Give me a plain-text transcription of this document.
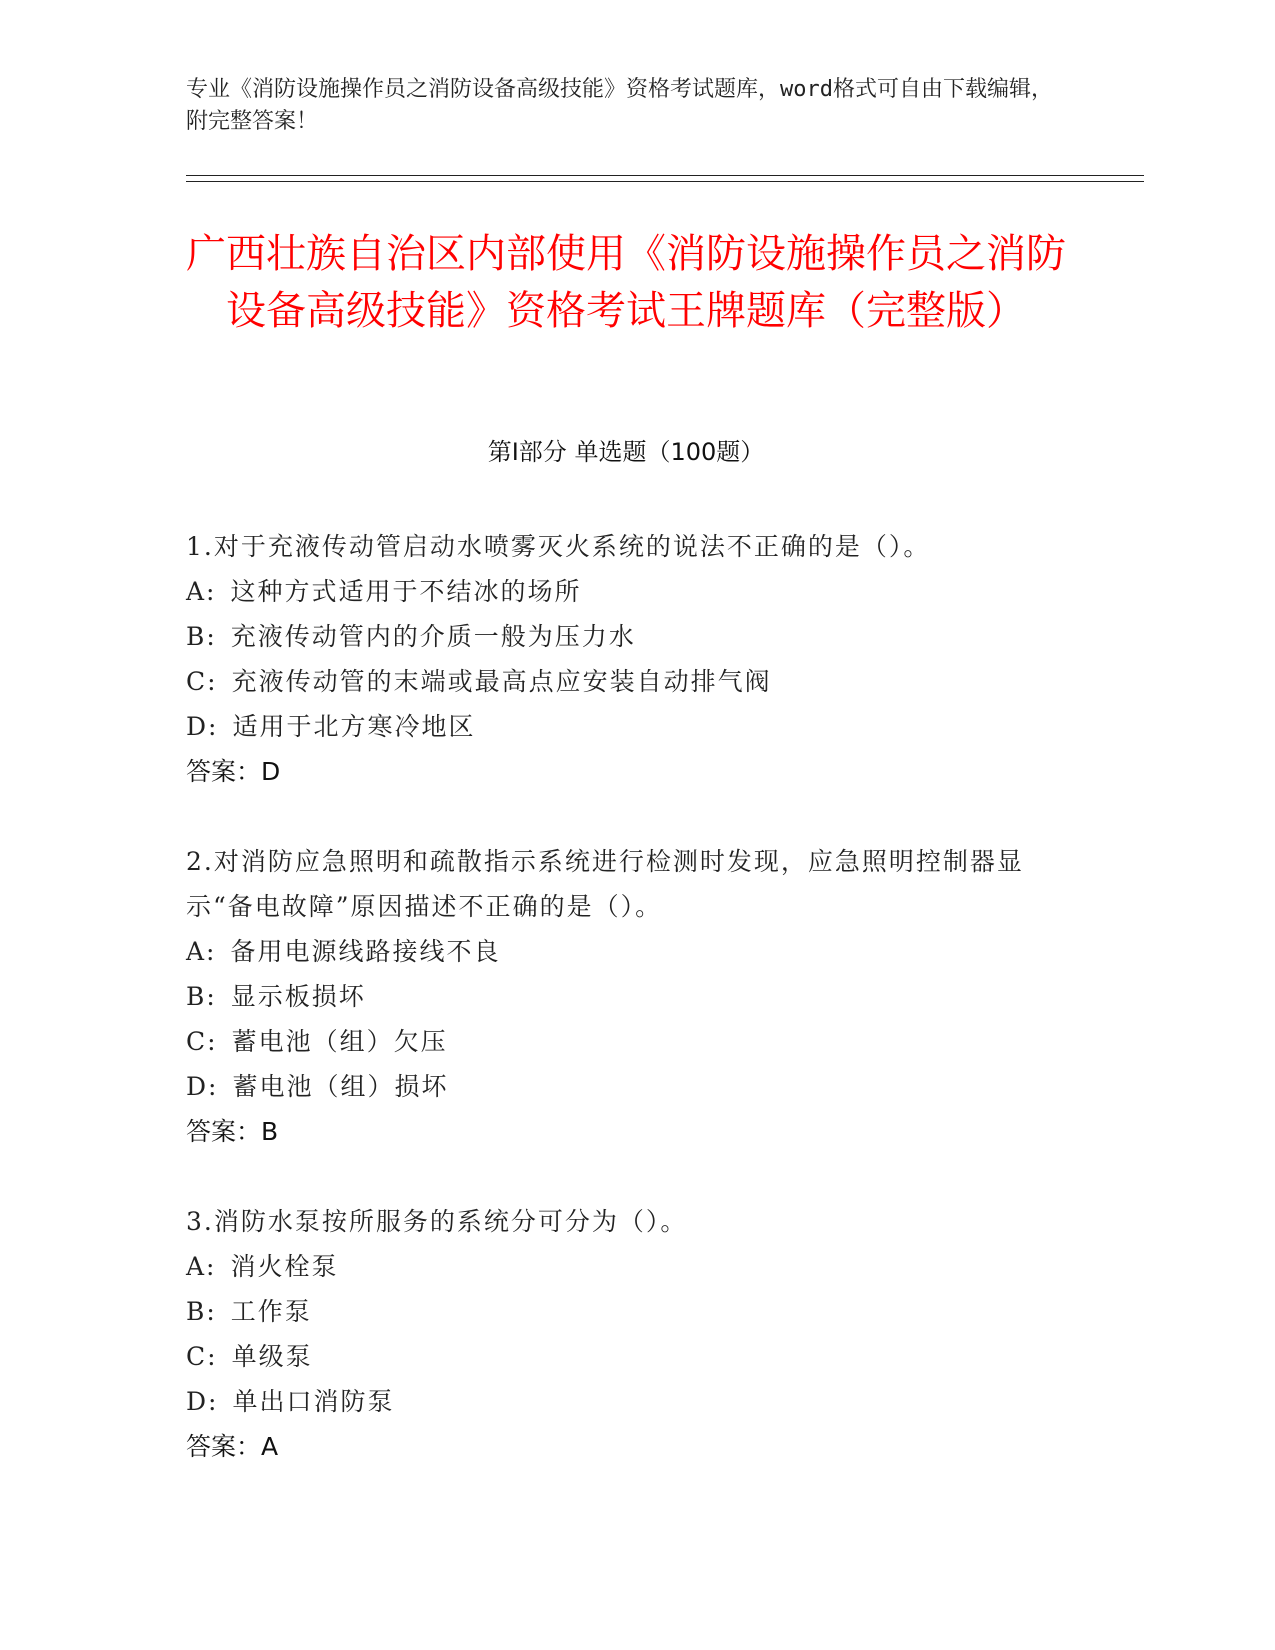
专业《消防设施操作员之消防设备高级技能》资格考试题库，word格式可自由下载编辑，附完整答案！
广西壮族自治区内部使用《消防设施操作员之消防设备高级技能》资格考试王牌题库（完整版）
第Ⅰ部分 单选题（100题）
1.对于充液传动管启动水喷雾灭火系统的说法不正确的是（）。
A: 这种方式适用于不结冰的场所
B: 充液传动管内的介质一般为压力水
C: 充液传动管的末端或最高点应安装自动排气阀
D: 适用于北方寒冷地区
答案：D
2.对消防应急照明和疏散指示系统进行检测时发现，应急照明控制器显示“备电故障”原因描述不正确的是（）。
A: 备用电源线路接线不良
B: 显示板损坏
C: 蓄电池（组）欠压
D: 蓄电池（组）损坏
答案：B
3.消防水泵按所服务的系统分可分为（）。
A: 消火栓泵
B: 工作泵
C: 单级泵
D: 单出口消防泵
答案：A
